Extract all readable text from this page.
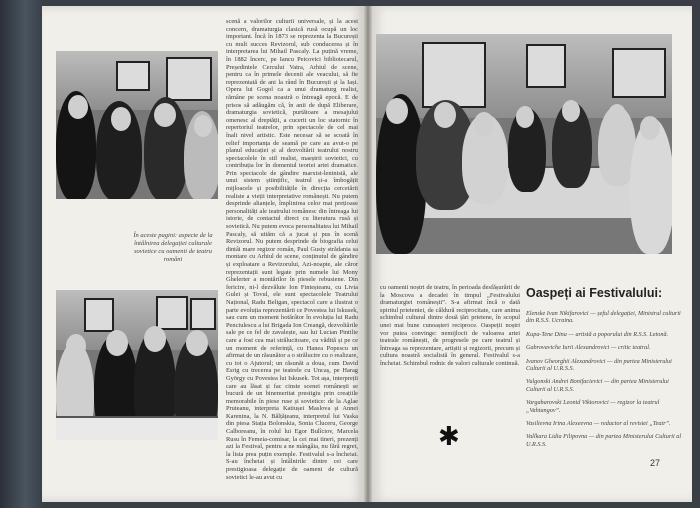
În aceste pagini: aspecte de la întâlnirea delegației culturale sovietice cu oamenii de teatru români
scenă a valorilor culturii universale, și la acest concern, dramaturgia clasică rusă ocupă un loc important. Încă în 1873 se reprezenta la București cu mult succes Revizorul, sub conducerea și în interpretarea lui Mihail Pascaly. La puțină vreme, în 1882 încerc, pe Iancu Peicovici bibliotecarul, Președintele Cercului Vatra, Arhiul de scene, pentru ca în primele decenii ale veacului, să fie reprezentată de ani la rând în București și la Iași. Opera lui Gogol ca a unui dramaturg realist, rămâne pe scena noastră o întreagă epocă. E de prisos să adăugăm că, în anii de după Eliberare, dramaturgia sovietică, purtătoare a mesajului omenesc al dreptății, a cucerit un loc statornic în repertoriul teatrelor, prin spectacole de cel mai înalt nivel artistic. Este necesar să se scoată în relief importanța de seamă pe care au avut-o pe planul educației și al dezvoltării teatrului nostru spectacolele în stil realist, maeștrii sovietici, cu contribuția lor în domeniul teoriei artei dramatice. Prin spectacole de gândire marxist-leninistă, ale unui sistem științific, teatrul și-a îmbogățit mijloacele și posibilitățile în direcția cercetării realiste a vieții interpretative românești. Nu putem desprinde alianțele, împlinirea celor mai prețioase personalități ale teatrului românesc din întreaga lui istorie, de contactul direct cu literatura rusă și sovietică. Nu putem evoca personalitatea lui Mihail Pascaly, să uităm că a jucat și pus în scenă Revizorul. Nu putem desprinde de biografia celui dintâi mare regizor român, Paul Gusty strădania sa montare cu Arhiul de scene, conținutul de gândire și exploatare a Revizorului, Azi-noapte, ale căror reprezentații sunt legate prin numele lui Mony Ghelerter a montărilor în piesele rebusiene. Din fericire, ni-l dezvăluie Ion Finteșteanu, cu Livia Gulei și Tovul, ele sunt spectacolele Teatrului Național, Radu Beligan, spectacol care a ilustrat o parte evoluția reprezentării ce Povestea lui Iskusek, sau cum un moment hotărâtor în evoluția lui Radu Penciulescu a lui Brigada Ion Creangă, dezvoltările sale pe ce fel de zavalește, sau lui Lucian Pintilie care a fost cea mai strălucitoare, cu vădită și pe ce un moment de referință, cu Hanea Popescu un afirmat de un răsunător a o strălucire cu o realizare, cu tot o Ajutorul; un răsunăt a doua, cum David Esrig cu trecerea pe teatrele cu Uncaș, pe Harag György cu Povestea lui Iskusek. Tot așa, interpreții care au lăsat și fac cinste scenei românești se bucură de un binemeritat prestigiu prin creațiile memorabile în piese ruse și sovietice: de la Aglae Pruteanu, interpreta Katiușei Maslova și Annei Karenina, la N. Bălțățeanu, interpretul lui Vaska din piesa Stația Bolonskia, Sonia Cluceru, George Calboreanu, în rolul lui Egor Bulîciov, Marcela Rusu în Femeia-comisar, la cei mai tineri, prezenți azi la Festival, pentru a ne mângâia, nu fără regret, la lista prea puțin exemple. Festivalul s-a încheiat. S-au încheiat și întâlnirile dintre cei care prestigioasa delegație de oameni de cultură sovietici le-au avut cu
cu oamenii noștri de teatru, în perioada desfășurării de la Moscova a decadei în timpul „Festivalului dramaturgiei românești”. S-a afirmat încă o dată spiritul prieteniei, de căldură reciprocitate, care anima schimbul cultural dintre două țări prietene, în scopul unei mai bune cunoașteri reciproce. Oaspeții noștri vor putea convinge: nemijlocit de valoarea artei teatrale românești, de progresele pe care teatrul și întreaga sa reprezentare, artiștii și regizorii, precum și cultura noastră socialistă în general. Festivalul s-a încheiat. Schimbul rodnic de valori culturale continuă.
✱
Oaspeți ai Festivalului:
Elenske Ivan Nikifarovici — șeful delegației, Ministrul culturii din R.S.S. Ucraina.
Kupa-Tene Dina — artistă a poporului din R.S.S. Letonă.
Gabrovaviche Iurii Alexandrovici — critic teatral.
Ivanov Gheorghii Alexandrovici — din partea Ministerului Culturii al U.R.S.S.
Vulgonski Andrei Bonifacievici — din partea Ministerului Culturii al U.R.S.S.
Vargabarovski Leonid Viktorovici — regizor la teatrul „Vahtangov”.
Vasilievna Irina Alexeevna — redactor al revistei „Teatr”.
Vallkara Lidia Filipovna — din partea Ministerului Culturii al U.R.S.S.
27
